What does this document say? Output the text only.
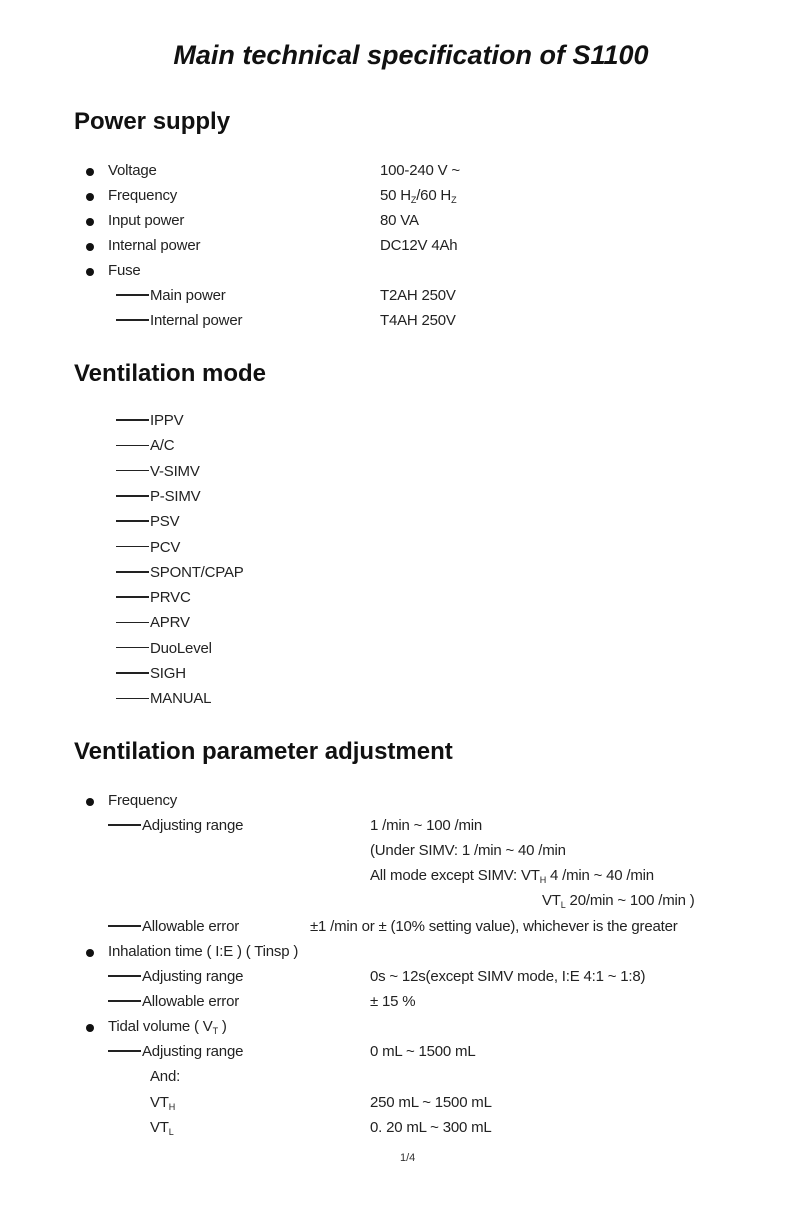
Main technical specification of S1100
Power supply
Voltage	100-240 V ~
Frequency	50 $H_Z/60$ $H_Z$
Input power	80 VA
Internal power	DC12V 4Ah
Fuse
Main power	T2AH 250V
Internal power	T4AH 250V
Ventilation mode
IPPV
A/C
V-SIMV
P-SIMV
PSV
PCV
SPONT/CPAP
PRVC
APRV
DuoLevel
SIGH
MANUAL
Ventilation parameter adjustment
Frequency
Adjusting range	1 /min ~ 100 /min
(Under SIMV: 1 /min ~ 40 /min
All mode except SIMV: $VT_H$ 4 /min ~ 40 /min
$VT_L$ 20/min ~ 100 /min )
Allowable error	±1 /min or ± (10% setting value), whichever is the greater
Inhalation time ( I:E ) ( Tinsp )
Adjusting range	0s ~ 12s(except SIMV mode, I:E 4:1 ~ 1:8)
Allowable error	± 15 %
Tidal volume ( $V_T$ )
Adjusting range	0 mL ~ 1500 mL
And:
$VT_H$	250 mL ~ 1500 mL
$VT_L$	0. 20 mL ~ 300 mL
1/4
